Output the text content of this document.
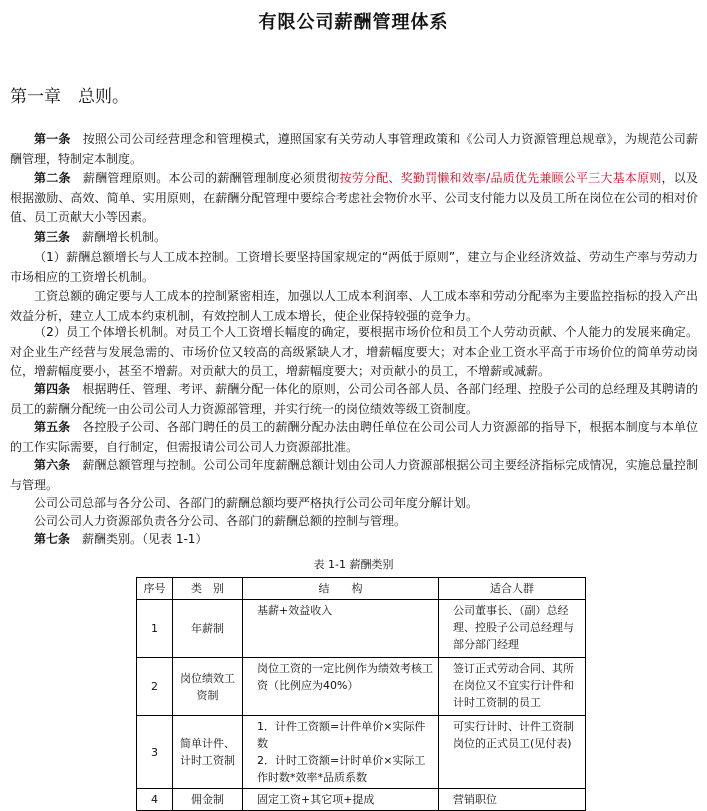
有限公司薪酬管理体系
第一章　总则。
第一条　 按照公司公司经营理念和管理模式，遵照国家有关劳动人事管理政策和《公司人力资源管理总规章》，为规范公司薪酬管理，特制定本制度。
第二条　 薪酬管理原则。本公司的薪酬管理制度必须贯彻按劳分配、奖勤罚懒和效率/品质优先兼顾公平三大基本原则，以及根据激励、高效、简单、实用原则，在薪酬分配管理中要综合考虑社会物价水平、公司支付能力以及员工所在岗位在公司的相对价值、员工贡献大小等因素。
第三条　 薪酬增长机制。
（1）薪酬总额增长与人工成本控制。工资增长要坚持国家规定的“两低于原则”，建立与企业经济效益、劳动生产率与劳动力市场相应的工资增长机制。
工资总额的确定要与人工成本的控制紧密相连，加强以人工成本利润率、人工成本率和劳动分配率为主要监控指标的投入产出效益分析，建立人工成本约束机制，有效控制人工成本增长，使企业保持较强的竞争力。
（2）员工个体增长机制。对员工个人工资增长幅度的确定，要根据市场价位和员工个人劳动贡献、个人能力的发展来确定。对企业生产经营与发展急需的、市场价位又较高的高级紧缺人才，增薪幅度要大；对本企业工资水平高于市场价位的简单劳动岗位，增薪幅度要小，甚至不增薪。对贡献大的员工，增薪幅度要大；对贡献小的员工，不增薪或减薪。
第四条　 根据聘任、管理、考评、薪酬分配一体化的原则，公司公司各部人员、各部门经理、控股子公司的总经理及其聘请的员工的薪酬分配统一由公司公司人力资源部管理，并实行统一的岗位绩效等级工资制度。
第五条　 各控股子公司、各部门聘任的员工的薪酬分配办法由聘任单位在公司公司人力资源部的指导下，根据本制度与本单位的工作实际需要，自行制定，但需报请公司公司人力资源部批准。
第六条　 薪酬总额管理与控制。公司公司年度薪酬总额计划由公司人力资源部根据公司主要经济指标完成情况，实施总量控制与管理。
公司公司总部与各分公司、各部门的薪酬总额均要严格执行公司公司年度分解计划。
公司公司人力资源部负责各分公司、各部门的薪酬总额的控制与管理。
第七条　 薪酬类别。（见表 1-1）
表 1-1 薪酬类别
序号	类　别	结　　构	适合人群
1	年薪制	基薪+效益收入	公司董事长、（副）总经理、控股子公司总经理与部分部门经理
2	岗位绩效工资制	岗位工资的一定比例作为绩效考核工资（比例应为40%）	签订正式劳动合同、其所在岗位又不宜实行计件和计时工资制的员工
3	简单计件、计时工资制	1．计件工资额=计件单价×实际件数
2．计时工资额=计时单价×实际工作时数*效率*品质系数	可实行计时、计件工资制岗位的正式员工(见付表)
4	佣金制	固定工资+其它项+提成	营销职位
